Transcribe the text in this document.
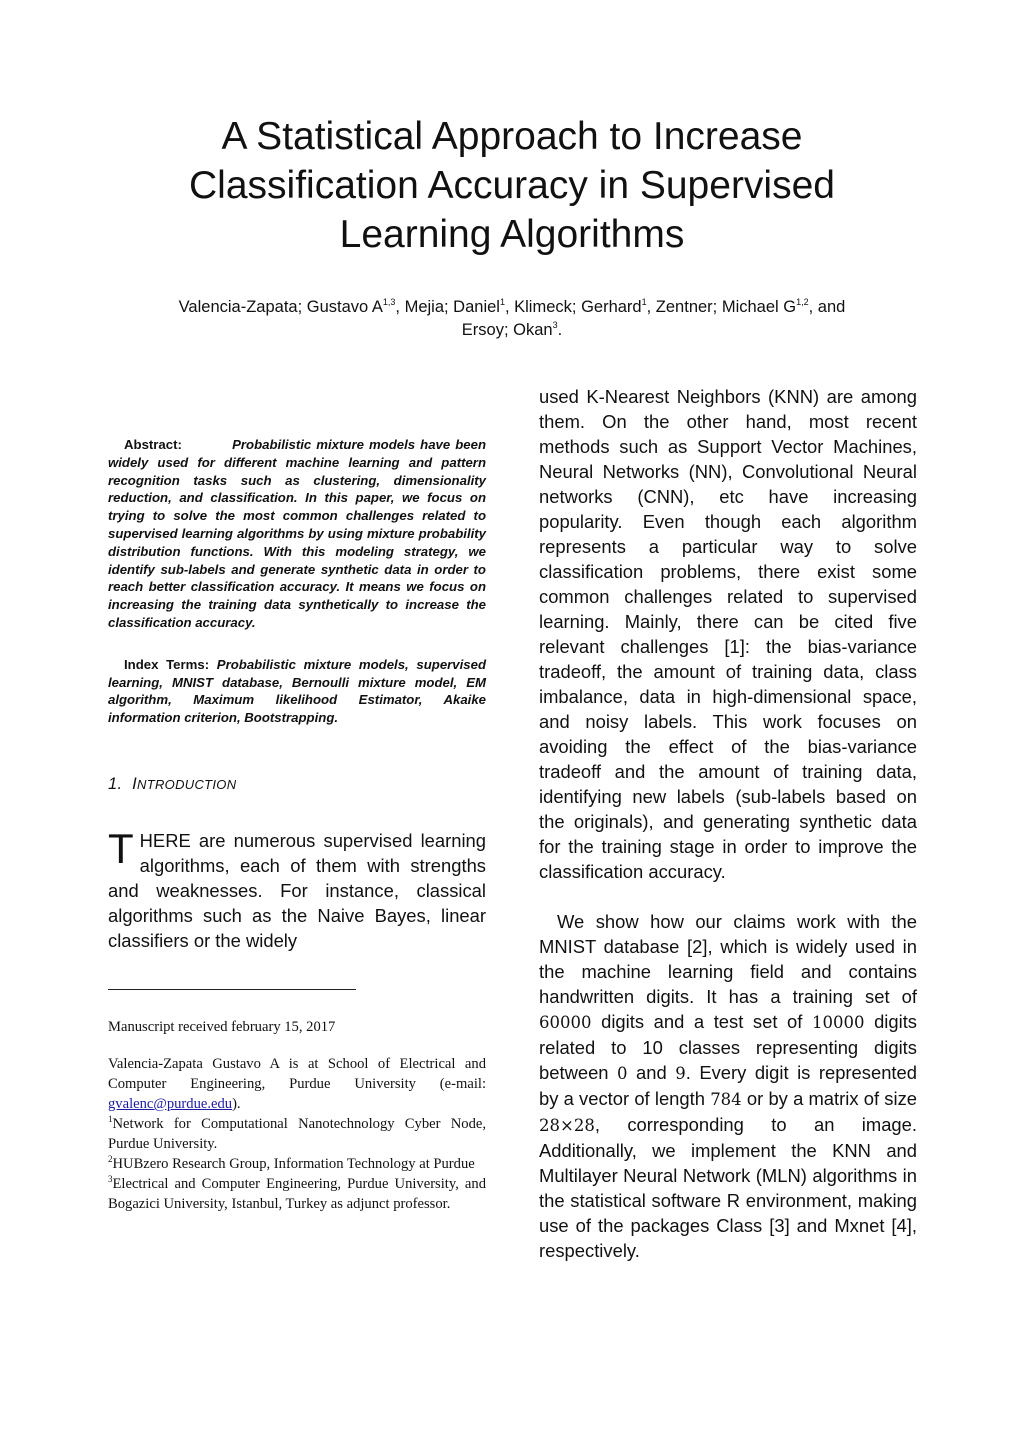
A Statistical Approach to Increase Classification Accuracy in Supervised Learning Algorithms
Valencia-Zapata; Gustavo A$^{1,3}$, Mejia; Daniel$^1$, Klimeck; Gerhard$^1$, Zentner; Michael G$^{1,2}$, and
Ersoy; Okan$^3$.

Abstract:	Probabilistic mixture models have been widely used for different machine learning and pattern recognition tasks such as clustering, dimensionality reduction, and classification. In this paper, we focus on trying to solve the most common challenges related to supervised learning algorithms by using mixture probability distribution functions. With this modeling strategy, we identify sub-labels and generate synthetic data in order to reach better classification accuracy. It means we focus on increasing the training data synthetically to increase the classification accuracy.

Index Terms: Probabilistic mixture models, supervised learning, MNIST database, Bernoulli mixture model, EM algorithm, Maximum likelihood Estimator, Akaike information criterion, Bootstrapping.

1. INTRODUCTION

THERE are numerous supervised learning algorithms, each of them with strengths and weaknesses. For instance, classical algorithms such as the Naive Bayes, linear classifiers or the widely

Manuscript received february 15, 2017

Valencia-Zapata Gustavo A is at School of Electrical and Computer Engineering, Purdue University (e-mail: gvalenc@purdue.edu).

$^1$Network for Computational Nanotechnology Cyber Node, Purdue University.

$^2$HUBzero Research Group, Information Technology at Purdue

$^3$Electrical and Computer Engineering, Purdue University, and Bogazici University, Istanbul, Turkey as adjunct professor.

used K-Nearest Neighbors (KNN) are among them. On the other hand, most recent methods such as Support Vector Machines, Neural Networks (NN), Convolutional Neural networks (CNN), etc have increasing popularity. Even though each algorithm represents a particular way to solve classification problems, there exist some common challenges related to supervised learning. Mainly, there can be cited five relevant challenges [1]: the bias-variance tradeoff, the amount of training data, class imbalance, data in high-dimensional space, and noisy labels. This work focuses on avoiding the effect of the bias-variance tradeoff and the amount of training data, identifying new labels (sub-labels based on the originals), and generating synthetic data for the training stage in order to improve the classification accuracy.

We show how our claims work with the MNIST database [2], which is widely used in the machine learning field and contains handwritten digits. It has a training set of 60000 digits and a test set of 10000 digits related to 10 classes representing digits between 0 and 9. Every digit is represented by a vector of length 784 or by a matrix of size 28×28, corresponding to an image. Additionally, we implement the KNN and Multilayer Neural Network (MLN) algorithms in the statistical software R environment, making use of the packages Class [3] and Mxnet [4], respectively.
